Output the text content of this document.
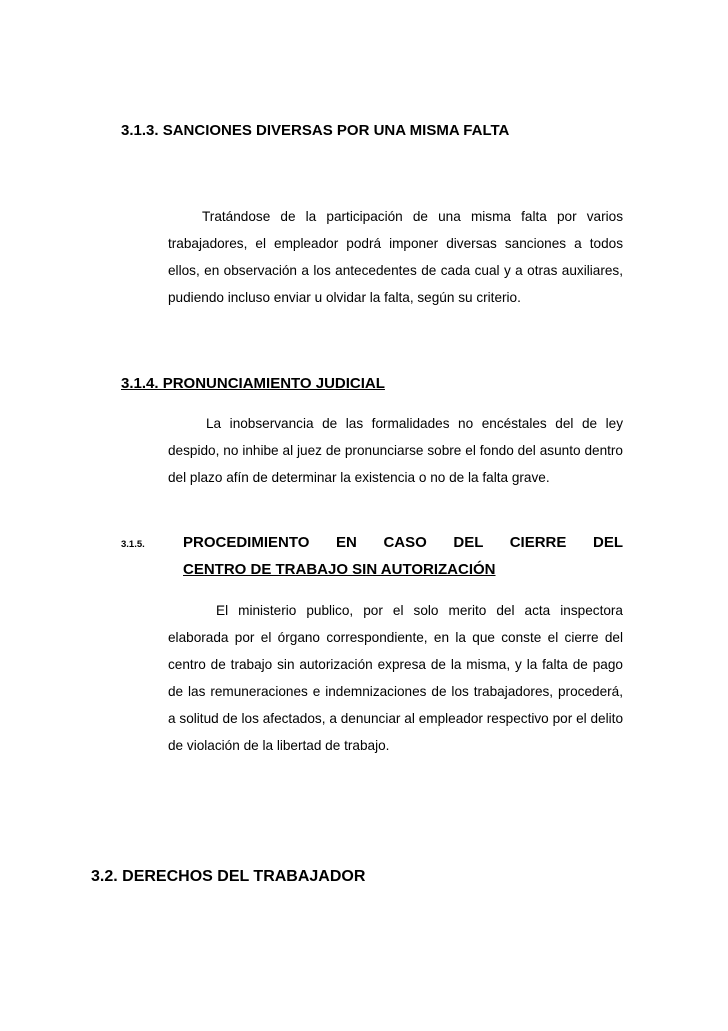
3.1.3. SANCIONES DIVERSAS POR UNA MISMA FALTA
Tratándose de la participación de una misma falta por varios trabajadores, el empleador podrá imponer diversas sanciones a todos ellos, en observación a los antecedentes de cada cual y a otras auxiliares, pudiendo incluso enviar u olvidar la falta, según su criterio.
3.1.4. PRONUNCIAMIENTO JUDICIAL
La inobservancia de las formalidades no encéstales del de ley despido, no inhibe al juez de pronunciarse sobre el fondo del asunto dentro del plazo afín de determinar la existencia o no de la falta grave.
3.1.5.	PROCEDIMIENTO EN CASO DEL CIERRE DEL
CENTRO DE TRABAJO SIN AUTORIZACIÓN
El ministerio publico, por el solo merito del acta inspectora elaborada por el órgano correspondiente, en la que conste el cierre del centro de trabajo sin autorización expresa de la misma, y la falta de pago de las remuneraciones e indemnizaciones de los trabajadores, procederá, a solitud de los afectados, a denunciar al empleador respectivo por el delito de violación de la libertad de trabajo.
3.2. DERECHOS DEL TRABAJADOR
